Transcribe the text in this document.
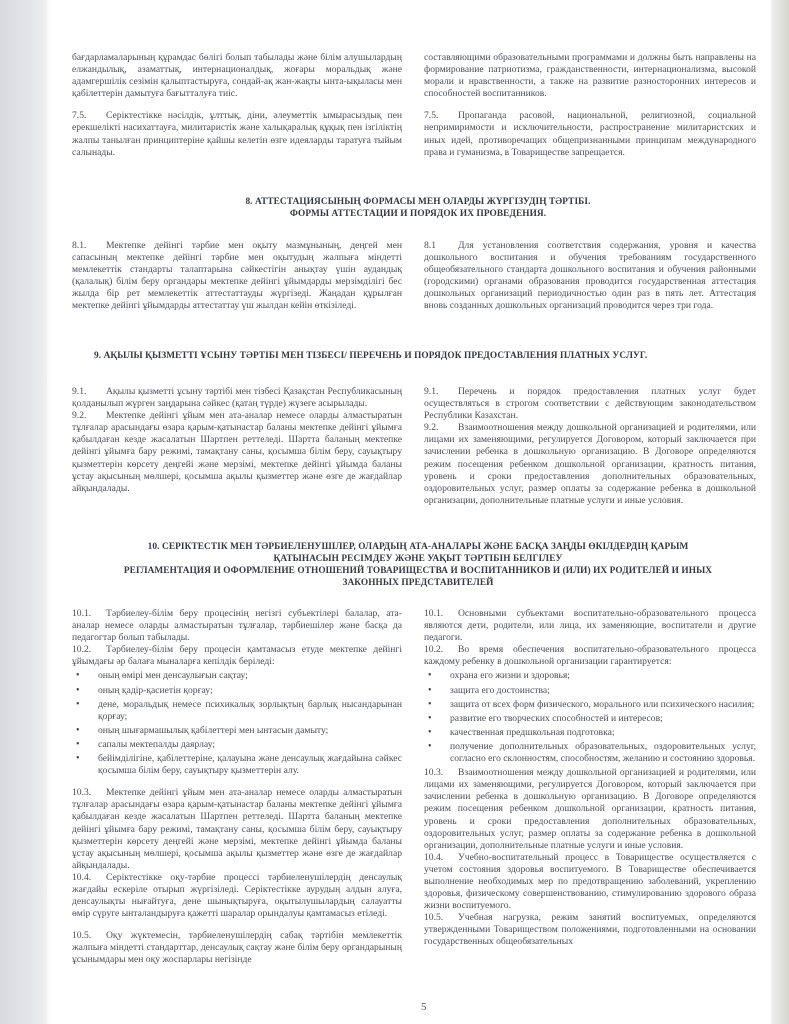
бағдарламаларының құрамдас бөлігі болып табылады және білім алушылардың елжандылық, азаматтық, интернационалдық, жоғары моральдық және адамгершілік сезімін қалыптастыруға, сондай-ақ жан-жақты ынта-ықыласы мен қабілеттерін дамытуға бағытталуға тиіс.

7.5. Серіктестікке нәсілдік, ұлттық, діни, әлеуметтік ымырасыздық пен ерекшелікті насихаттауға, милитаристік және халықаралық құқық пен ізгіліктің жалпы танылған принциптеріне қайшы келетін өзге идеяларды таратуға тыйым салынады.

составляющими образовательными программами и должны быть направлены на формирование патриотизма, гражданственности, интернационализма, высокой морали и нравственности, а также на развитие разносторонних интересов и способностей воспитанников.

7.5. Пропаганда расовой, национальной, религиозной, социальной непримиримости и исключительности, распространение милитаристских и иных идей, противоречащих общепризнанными принципам международного права и гуманизма, в Товариществе запрещается.

8. АТТЕСТАЦИЯСЫНЫҢ ФОРМАСЫ МЕН ОЛАРДЫ ЖҮРГІЗУДІҢ ТӘРТІБІ.
ФОРМЫ АТТЕСТАЦИИ И ПОРЯДОК ИХ ПРОВЕДЕНИЯ.

8.1. Мектепке дейінгі тәрбие мен оқыту мазмұнының, деңгей мен сапасының мектепке дейінгі тәрбие мен оқытудың жалпыға міндетті мемлекеттік стандарты талаптарына сәйкестігін анықтау үшін аудандық (қалалық) білім беру органдары мектепке дейінгі ұйымдарды мерзімділігі бес жылда бір рет мемлекеттік аттестаттауды жүргізеді. Жаңадан құрылған мектепке дейінгі ұйымдарды аттестаттау үш жылдан кейін өткізіледі.

8.1 Для установления соответствия содержания, уровня и качества дошкольного воспитания и обучения требованиям государственного общеобязательного стандарта дошкольного воспитания и обучения районными (городскими) органами образования проводится государственная аттестация дошкольных организаций периодичностью один раз в пять лет. Аттестация вновь созданных дошкольных организаций проводится через три года.

9. АҚЫЛЫ ҚЫЗМЕТТІ ҰСЫНУ ТӘРТІБІ МЕН ТІЗБЕСІ/ ПЕРЕЧЕНЬ И ПОРЯДОК ПРЕДОСТАВЛЕНИЯ ПЛАТНЫХ УСЛУГ.

9.1. Ақылы қызметті ұсыну тәртібі мен тізбесі Қазақстан Республикасының қолданылып жүрген заңдарына сәйкес (қатаң түрде) жүзеге асырылады.

9.2. Мектепке дейінгі ұйым мен ата-аналар немесе оларды алмастыратын тұлғалар арасындағы өзара қарым-қатынастар баланы мектепке дейінгі ұйымға қабылдаған кезде жасалатын Шартпен реттеледі. Шартта баланың мектепке дейінгі ұйымға бару режимі, тамақтану саны, қосымша білім беру, сауықтыру қызметтерін көрсету деңгейі және мерзімі, мектепке дейінгі ұйымда баланы ұстау ақысының мөлшері, қосымша ақылы қызметтер және өзге де жағдайлар айқындалады.

9.1. Перечень и порядок предоставления платных услуг будет осуществляться в строгом соответствии с действующим законодательством Республики Казахстан.

9.2. Взаимоотношения между дошкольной организацией и родителями, или лицами их заменяющими, регулируется Договором, который заключается при зачислении ребенка в дошкольную организацию. В Договоре определяются режим посещения ребенком дошкольной организации, кратность питания, уровень и сроки предоставления дополнительных образовательных, оздоровительных услуг, размер оплаты за содержание ребенка в дошкольной организации, дополнительные платные услуги и иные условия.

10. СЕРІКТЕСТІК МЕН ТӘРБИЕЛЕНУШІЛЕР, ОЛАРДЫҢ АТА-АНАЛАРЫ ЖӘНЕ БАСҚА ЗАҢДЫ ӨКІЛДЕРДІҢ ҚАРЫМ
ҚАТЫНАСЫН РЕСІМДЕУ ЖӘНЕ УАҚЫТ ТӘРТІБІН БЕЛГІЛЕУ
РЕГЛАМЕНТАЦИЯ И ОФОРМЛЕНИЕ ОТНОШЕНИЙ ТОВАРИЩЕСТВА И ВОСПИТАННИКОВ И (ИЛИ) ИХ РОДИТЕЛЕЙ И ИНЫХ
ЗАКОННЫХ ПРЕДСТАВИТЕЛЕЙ

10.1. Тәрбиелеу-білім беру процесінің негізгі субъектілері балалар, ата-аналар немесе оларды алмастыратын тұлғалар, тәрбиешілер және басқа да педагогтар болып табылады.

10.2. Тәрбиелеу-білім беру процесін қамтамасыз етуде мектепке дейінгі ұйымдағы әр балаға мыналарға кепілдік беріледі:

• оның өмірі мен денсаулығын сақтау;
• оның қадір-қасиетін қорғау;
• дене, моральдық немесе психикалық зорлықтың барлық нысандарынан қорғау;
• оның шығармашылық қабілеттері мен ынтасын дамыту;
• сапалы мектепалды даярлау;
• бейімділігіне, қабілеттеріне, қалауына және денсаулық жағдайына сәйкес қосымша білім беру, сауықтыру қызметтерін алу.

10.3. Мектепке дейінгі ұйым мен ата-аналар немесе оларды алмастыратын тұлғалар арасындағы өзара қарым-қатынастар баланы мектепке дейінгі ұйымға қабылдаған кезде жасалатын Шартпен реттеледі. Шартта баланың мектепке дейінгі ұйымға бару режимі, тамақтану саны, қосымша білім беру, сауықтыру қызметтерін көрсету деңгейі және мерзімі, мектепке дейінгі ұйымда баланы ұстау ақысының мөлшері, қосымша ақылы қызметтер және өзге де жағдайлар айқындалады.

10.4. Серіктестікке оқу-тәрбие процессі тәрбиеленушілердің денсаулық жағдайы ескеріле отырып жүргізіледі. Серіктестікке аурудың алдын алуға, денсаулықты нығайтуға, дене шынықтыруға, оқытылушылардың салауатты өмір сүруге ынталандыруға қажетті шаралар орындалуы қамтамасыз етіледі.

10.5. Оқу жүктемесін, тәрбиеленушілердің сабақ тәртібін мемлекеттік жалпыға міндетті стандарттар, денсаулық сақтау және білім беру органдарының ұсынымдары мен оқу жоспарлары негізінде

10.1. Основными субъектами воспитательно-образовательного процесса являются дети, родители, или лица, их заменяющие, воспитатели и другие педагоги.

10.2. Во время обеспечения воспитательно-образовательного процесса каждому ребенку в дошкольной организации гарантируется:

• охрана его жизни и здоровья;
• защита его достоинства;
• защита от всех форм физического, морального или психического насилия;
• развитие его творческих способностей и интересов;
• качественная предшкольная подготовка;
• получение дополнительных образовательных, оздоровительных услуг, согласно его склонностям, способностям, желанию и состоянию здоровья.

10.3. Взаимоотношения между дошкольной организацией и родителями, или лицами их заменяющими, регулируется Договором, который заключается при зачислении ребенка в дошкольную организацию. В Договоре определяются режим посещения ребенком дошкольной организации, кратность питания, уровень и сроки предоставления дополнительных образовательных, оздоровительных услуг, размер оплаты за содержание ребенка в дошкольной организации, дополнительные платные услуги и иные условия.

10.4. Учебно-воспитательный процесс в Товариществе осуществляется с учетом состояния здоровья воспитуемого. В Товариществе обеспечивается выполнение необходимых мер по предотвращению заболеваний, укреплению здоровья, физическому совершенствованию, стимулированию здорового образа жизни воспитуемого.

10.5. Учебная нагрузка, режим занятий воспитуемых, определяются утвержденными Товариществом положениями, подготовленными на основании государственных общеобязательных

5
